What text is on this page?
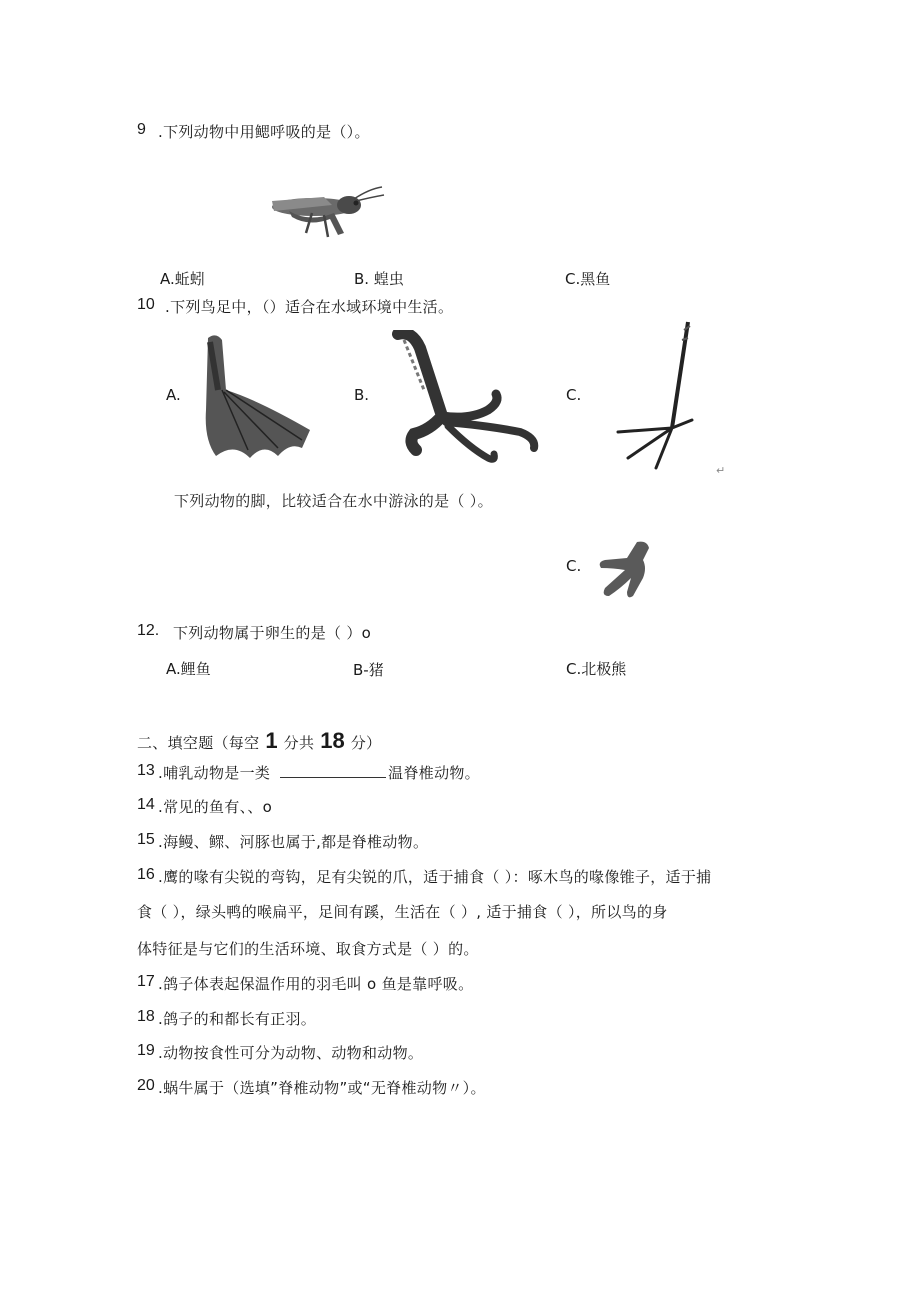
9 .下列动物中用鳃呼吸的是（）。
A.蚯蚓	B. 蝗虫	C.黑鱼
10 .下列鸟足中，（）适合在水域环境中生活。
A.	B.	C.
↵
下列动物的脚，比较适合在水中游泳的是（ ）。
C.
12. 下列动物属于卵生的是（ ）o
A.鲤鱼	B-猪	C.北极熊
二、填空题（每空 1 分共 18 分）
13 .哺乳动物是一类	温脊椎动物。
14 .常见的鱼有、、o
15 .海鳗、鳏、河豚也属于,都是脊椎动物。
16 .鹰的喙有尖锐的弯钩，足有尖锐的爪，适于捕食（ ）：啄木鸟的喙像锥子，适于捕
食（ ），绿头鸭的喉扁平，足间有蹊，生活在（ ）, 适于捕食（ ），所以鸟的身
体特征是与它们的生活环境、取食方式是（ ）的。
17 .鸽子体表起保温作用的羽毛叫 o 鱼是靠呼吸。
18 .鸽子的和都长有正羽。
19 .动物按食性可分为动物、动物和动物。
20 .蜗牛属于（选填”脊椎动物”或“无脊椎动物〃）。
